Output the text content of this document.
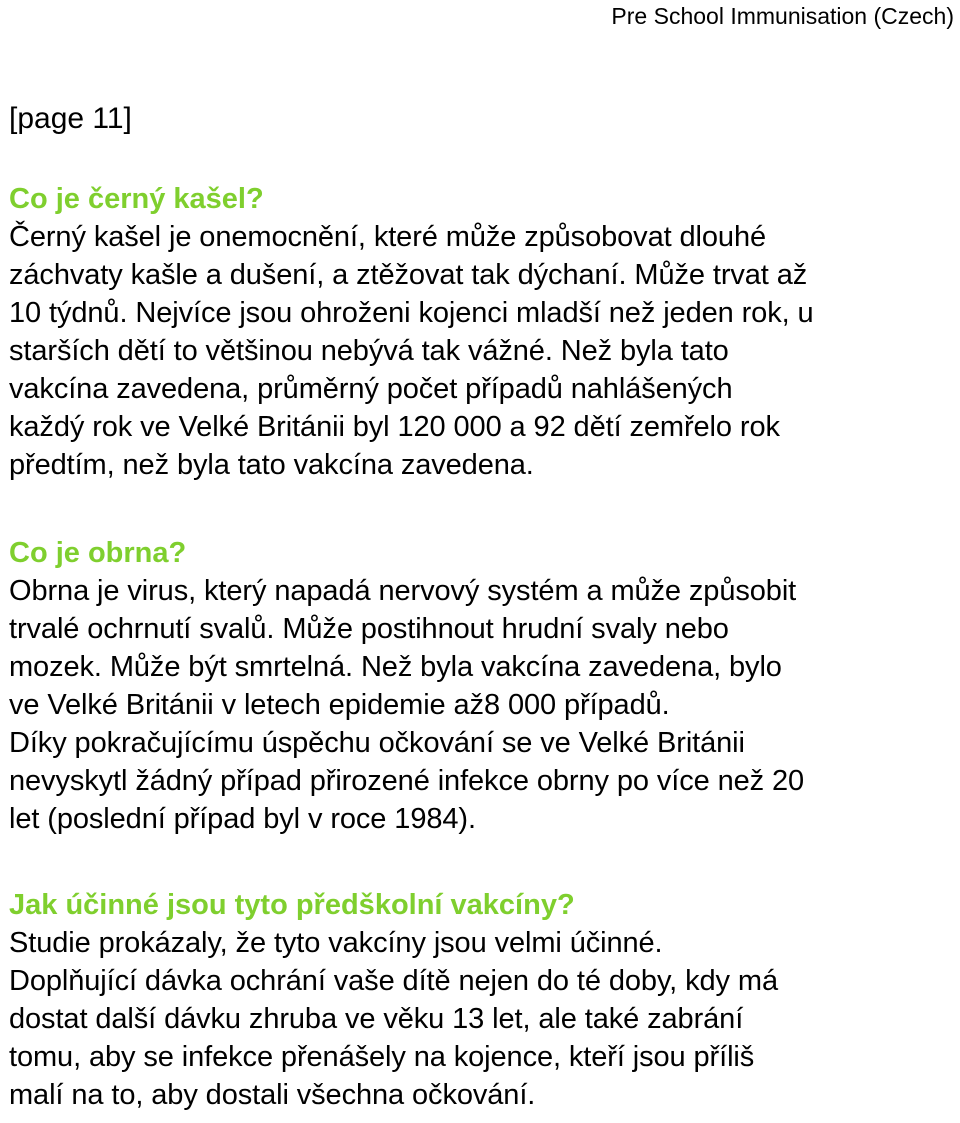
Pre School Immunisation (Czech)
[page 11]
Co je černý kašel?

Černý kašel je onemocnění, které může způsobovat dlouhé
záchvaty kašle a dušení, a ztěžovat tak dýchaní. Může trvat až
10 týdnů. Nejvíce jsou ohroženi kojenci mladší než jeden rok, u
starších dětí to většinou nebývá tak vážné. Než byla tato
vakcína zavedena, průměrný počet případů nahlášených
každý rok ve Velké Británii byl 120 000 a 92 dětí zemřelo rok
předtím, než byla tato vakcína zavedena.

Co je obrna?

Obrna je virus, který napadá nervový systém a může způsobit
trvalé ochrnutí svalů. Může postihnout hrudní svaly nebo
mozek. Může být smrtelná. Než byla vakcína zavedena, bylo
ve Velké Británii v letech epidemie až8 000 případů.
Díky pokračujícímu úspěchu očkování se ve Velké Británii
nevyskytl žádný případ přirozené infekce obrny po více než 20
let (poslední případ byl v roce 1984).

Jak účinné jsou tyto předškolní vakcíny?

Studie prokázaly, že tyto vakcíny jsou velmi účinné.
Doplňující dávka ochrání vaše dítě nejen do té doby, kdy má
dostat další dávku zhruba ve věku 13 let, ale také zabrání
tomu, aby se infekce přenášely na kojence, kteří jsou příliš
malí na to, aby dostali všechna očkování.
